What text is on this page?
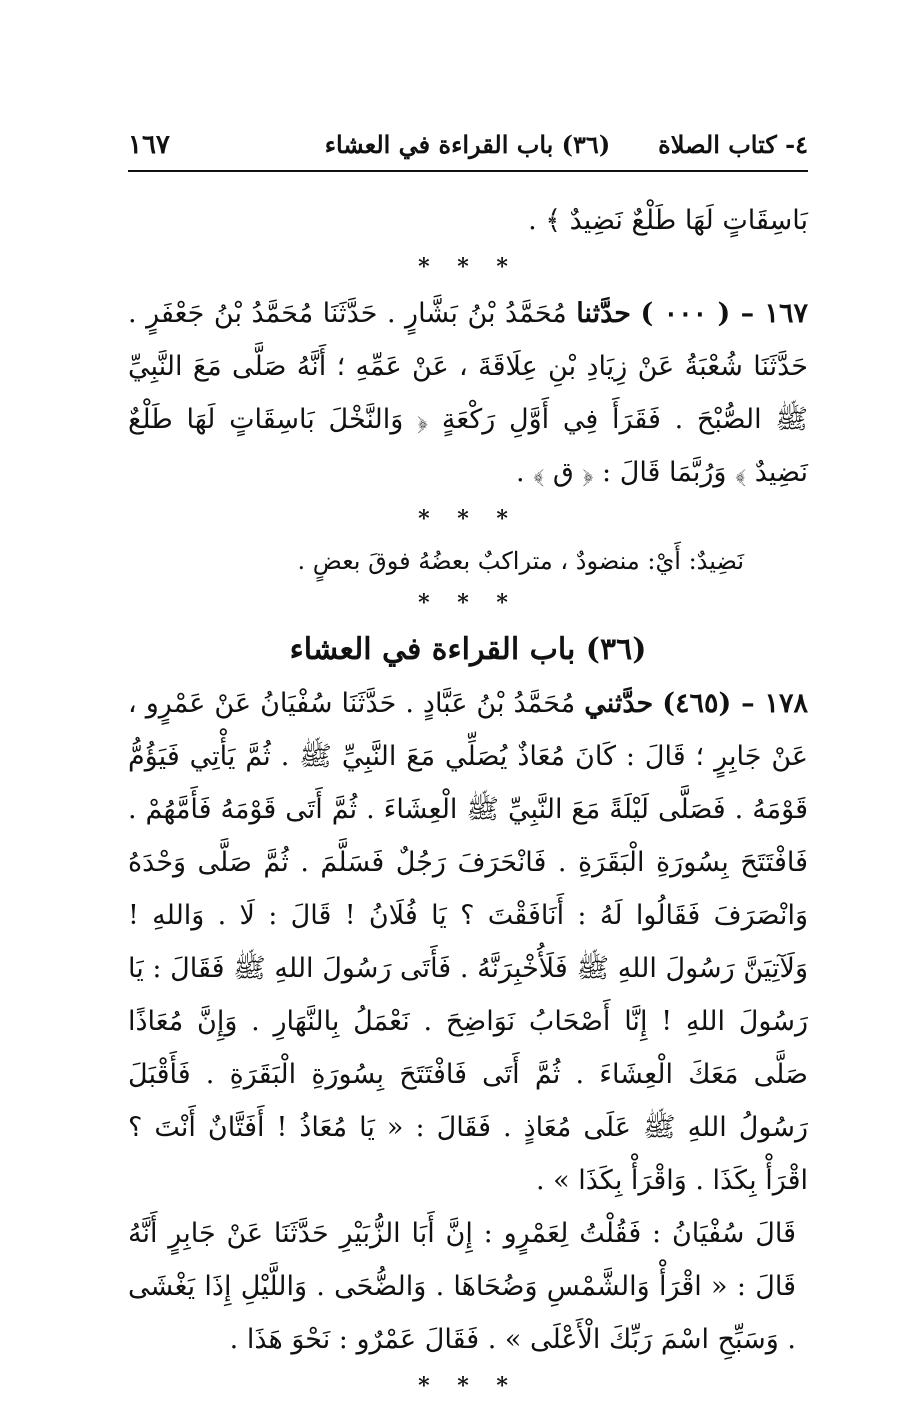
٤- كتاب الصلاة
(٣٦) باب القراءة في العشاء
١٦٧

بَاسِقَاتٍ لَهَا طَلْعٌ نَضِيدٌ ﴾ .

* * *

١٦٧ – ( ٠٠٠ ) حدَّثنا مُحَمَّدُ بْنُ بَشَّارٍ . حَدَّثَنَا مُحَمَّدُ بْنُ جَعْفَرٍ . حَدَّثَنَا شُعْبَةُ عَنْ زِيَادِ بْنِ عِلَاقَةَ ، عَنْ عَمِّهِ ؛ أَنَّهُ صَلَّى مَعَ النَّبِيِّ ﷺ الصُّبْحَ . فَقَرَأَ فِي أَوَّلِ رَكْعَةٍ ﴿ وَالنَّخْلَ بَاسِقَاتٍ لَهَا طَلْعٌ نَضِيدٌ ﴾ وَرُبَّمَا قَالَ : ﴿ ق ﴾ .

* * *

نَضِيدٌ: أَيْ: منضودٌ ، متراكبٌ بعضُهُ فوقَ بعضٍ .

* * *
(٣٦) باب القراءة في العشاء

١٧٨ – (٤٦٥) حدَّثني مُحَمَّدُ بْنُ عَبَّادٍ . حَدَّثَنَا سُفْيَانُ عَنْ عَمْرٍو ، عَنْ جَابِرٍ ؛ قَالَ : كَانَ مُعَاذٌ يُصَلِّي مَعَ النَّبِيِّ ﷺ . ثُمَّ يَأْتِي فَيَؤُمُّ قَوْمَهُ . فَصَلَّى لَيْلَةً مَعَ النَّبِيِّ ﷺ الْعِشَاءَ . ثُمَّ أَتَى قَوْمَهُ فَأَمَّهُمْ . فَافْتَتَحَ بِسُورَةِ الْبَقَرَةِ . فَانْحَرَفَ رَجُلٌ فَسَلَّمَ . ثُمَّ صَلَّى وَحْدَهُ وَانْصَرَفَ فَقَالُوا لَهُ : أَنَافَقْتَ ؟ يَا فُلَانُ ! قَالَ : لَا . وَاللهِ ! وَلَآتِيَنَّ رَسُولَ اللهِ ﷺ فَلَأُخْبِرَنَّهُ . فَأَتَى رَسُولَ اللهِ ﷺ فَقَالَ : يَا رَسُولَ اللهِ ! إِنَّا أَصْحَابُ نَوَاضِحَ . نَعْمَلُ بِالنَّهَارِ . وَإِنَّ مُعَاذًا صَلَّى مَعَكَ الْعِشَاءَ . ثُمَّ أَتَى فَافْتَتَحَ بِسُورَةِ الْبَقَرَةِ . فَأَقْبَلَ رَسُولُ اللهِ ﷺ عَلَى مُعَاذٍ . فَقَالَ : « يَا مُعَاذُ ! أَفَتَّانٌ أَنْتَ ؟ اقْرَأْ بِكَذَا . وَاقْرَأْ بِكَذَا » .

قَالَ سُفْيَانُ : فَقُلْتُ لِعَمْرٍو : إِنَّ أَبَا الزُّبَيْرِ حَدَّثَنَا عَنْ جَابِرٍ أَنَّهُ قَالَ : « اقْرَأْ وَالشَّمْسِ وَضُحَاهَا . وَالضُّحَى . وَاللَّيْلِ إِذَا يَغْشَى . وَسَبِّحِ اسْمَ رَبِّكَ الْأَعْلَى » . فَقَالَ عَمْرٌو : نَحْوَ هَذَا .

* * *
